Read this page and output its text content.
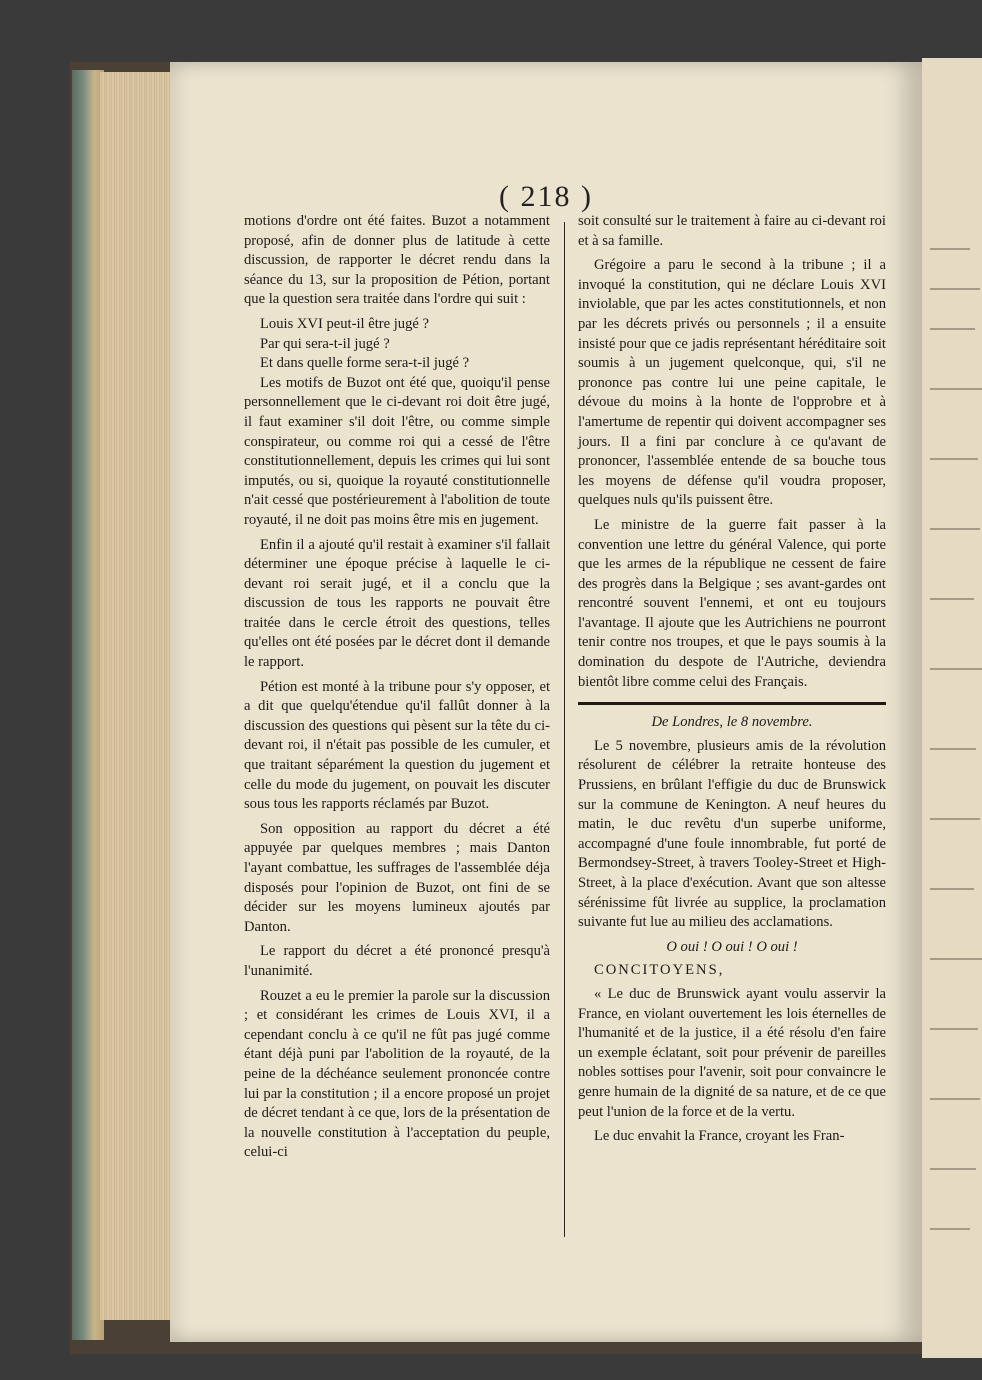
( 218 )

motions d'ordre ont été faites. Buzot a notamment proposé, afin de donner plus de latitude à cette discussion, de rapporter le décret rendu dans la séance du 13, sur la proposition de Pétion, portant que la question sera traitée dans l'ordre qui suit :

Louis XVI peut-il être jugé ?

Par qui sera-t-il jugé ?

Et dans quelle forme sera-t-il jugé ?

Les motifs de Buzot ont été que, quoiqu'il pense personnellement que le ci-devant roi doit être jugé, il faut examiner s'il doit l'être, ou comme simple conspirateur, ou comme roi qui a cessé de l'être constitutionnellement, depuis les crimes qui lui sont imputés, ou si, quoique la royauté constitutionnelle n'ait cessé que postérieurement à l'abolition de toute royauté, il ne doit pas moins être mis en jugement.

Enfin il a ajouté qu'il restait à examiner s'il fallait déterminer une époque précise à laquelle le ci-devant roi serait jugé, et il a conclu que la discussion de tous les rapports ne pouvait être traitée dans le cercle étroit des questions, telles qu'elles ont été posées par le décret dont il demande le rapport.

Pétion est monté à la tribune pour s'y opposer, et a dit que quelqu'étendue qu'il fallût donner à la discussion des questions qui pèsent sur la tête du ci-devant roi, il n'était pas possible de les cumuler, et que traitant séparément la question du jugement et celle du mode du jugement, on pouvait les discuter sous tous les rapports réclamés par Buzot.

Son opposition au rapport du décret a été appuyée par quelques membres ; mais Danton l'ayant combattue, les suffrages de l'assemblée déja disposés pour l'opinion de Buzot, ont fini de se décider sur les moyens lumineux ajoutés par Danton.

Le rapport du décret a été prononcé presqu'à l'unanimité.

Rouzet a eu le premier la parole sur la discussion ; et considérant les crimes de Louis XVI, il a cependant conclu à ce qu'il ne fût pas jugé comme étant déjà puni par l'abolition de la royauté, de la peine de la déchéance seulement prononcée contre lui par la constitution ; il a encore proposé un projet de décret tendant à ce que, lors de la présentation de la nouvelle constitution à l'acceptation du peuple, celui-ci

soit consulté sur le traitement à faire au ci-devant roi et à sa famille.

Grégoire a paru le second à la tribune ; il a invoqué la constitution, qui ne déclare Louis XVI inviolable, que par les actes constitutionnels, et non par les décrets privés ou personnels ; il a ensuite insisté pour que ce jadis représentant héréditaire soit soumis à un jugement quelconque, qui, s'il ne prononce pas contre lui une peine capitale, le dévoue du moins à la honte de l'opprobre et à l'amertume de repentir qui doivent accompagner ses jours. Il a fini par conclure à ce qu'avant de prononcer, l'assemblée entende de sa bouche tous les moyens de défense qu'il voudra proposer, quelques nuls qu'ils puissent être.

Le ministre de la guerre fait passer à la convention une lettre du général Valence, qui porte que les armes de la république ne cessent de faire des progrès dans la Belgique ; ses avant-gardes ont rencontré souvent l'ennemi, et ont eu toujours l'avantage. Il ajoute que les Autrichiens ne pourront tenir contre nos troupes, et que le pays soumis à la domination du despote de l'Autriche, deviendra bientôt libre comme celui des Français.

De Londres, le 8 novembre.

Le 5 novembre, plusieurs amis de la révolution résolurent de célébrer la retraite honteuse des Prussiens, en brûlant l'effigie du duc de Brunswick sur la commune de Kenington. A neuf heures du matin, le duc revêtu d'un superbe uniforme, accompagné d'une foule innombrable, fut porté de Bermondsey-Street, à travers Tooley-Street et High-Street, à la place d'exécution. Avant que son altesse sérénissime fût livrée au supplice, la proclamation suivante fut lue au milieu des acclamations.

O oui ! O oui ! O oui !

CONCITOYENS,

« Le duc de Brunswick ayant voulu asservir la France, en violant ouvertement les lois éternelles de l'humanité et de la justice, il a été résolu d'en faire un exemple éclatant, soit pour prévenir de pareilles nobles sottises pour l'avenir, soit pour convaincre le genre humain de la dignité de sa nature, et de ce que peut l'union de la force et de la vertu.

Le duc envahit la France, croyant les Fran-
